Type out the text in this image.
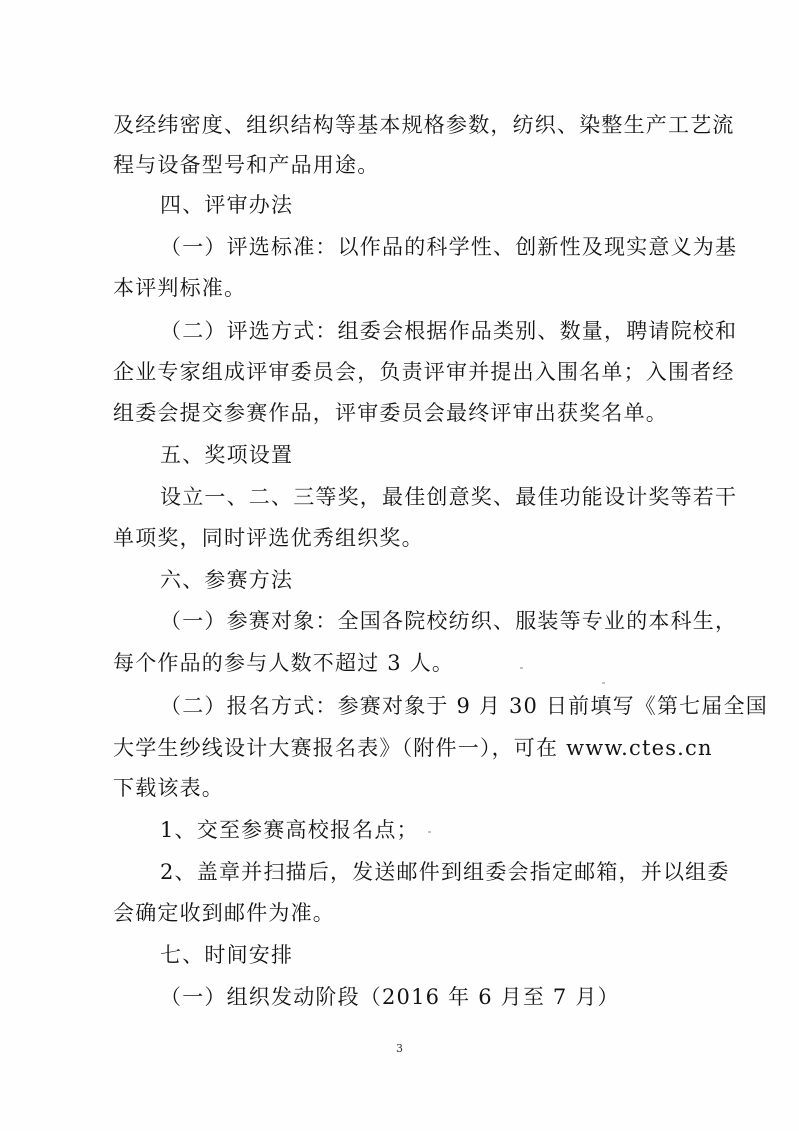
及经纬密度、组织结构等基本规格参数，纺织、染整生产工艺流
程与设备型号和产品用途。
四、评审办法
（一）评选标准：以作品的科学性、创新性及现实意义为基
本评判标准。
（二）评选方式：组委会根据作品类别、数量，聘请院校和
企业专家组成评审委员会，负责评审并提出入围名单；入围者经
组委会提交参赛作品，评审委员会最终评审出获奖名单。
五、奖项设置
设立一、二、三等奖，最佳创意奖、最佳功能设计奖等若干
单项奖，同时评选优秀组织奖。
六、参赛方法
（一）参赛对象：全国各院校纺织、服装等专业的本科生，
每个作品的参与人数不超过 3 人。
（二）报名方式：参赛对象于 9 月 30 日前填写《第七届全国
大学生纱线设计大赛报名表》（附件一），可在 www.ctes.cn
下载该表。
1、交至参赛高校报名点；
2、盖章并扫描后，发送邮件到组委会指定邮箱，并以组委
会确定收到邮件为准。
七、时间安排
（一）组织发动阶段（2016 年 6 月至 7 月）
3
